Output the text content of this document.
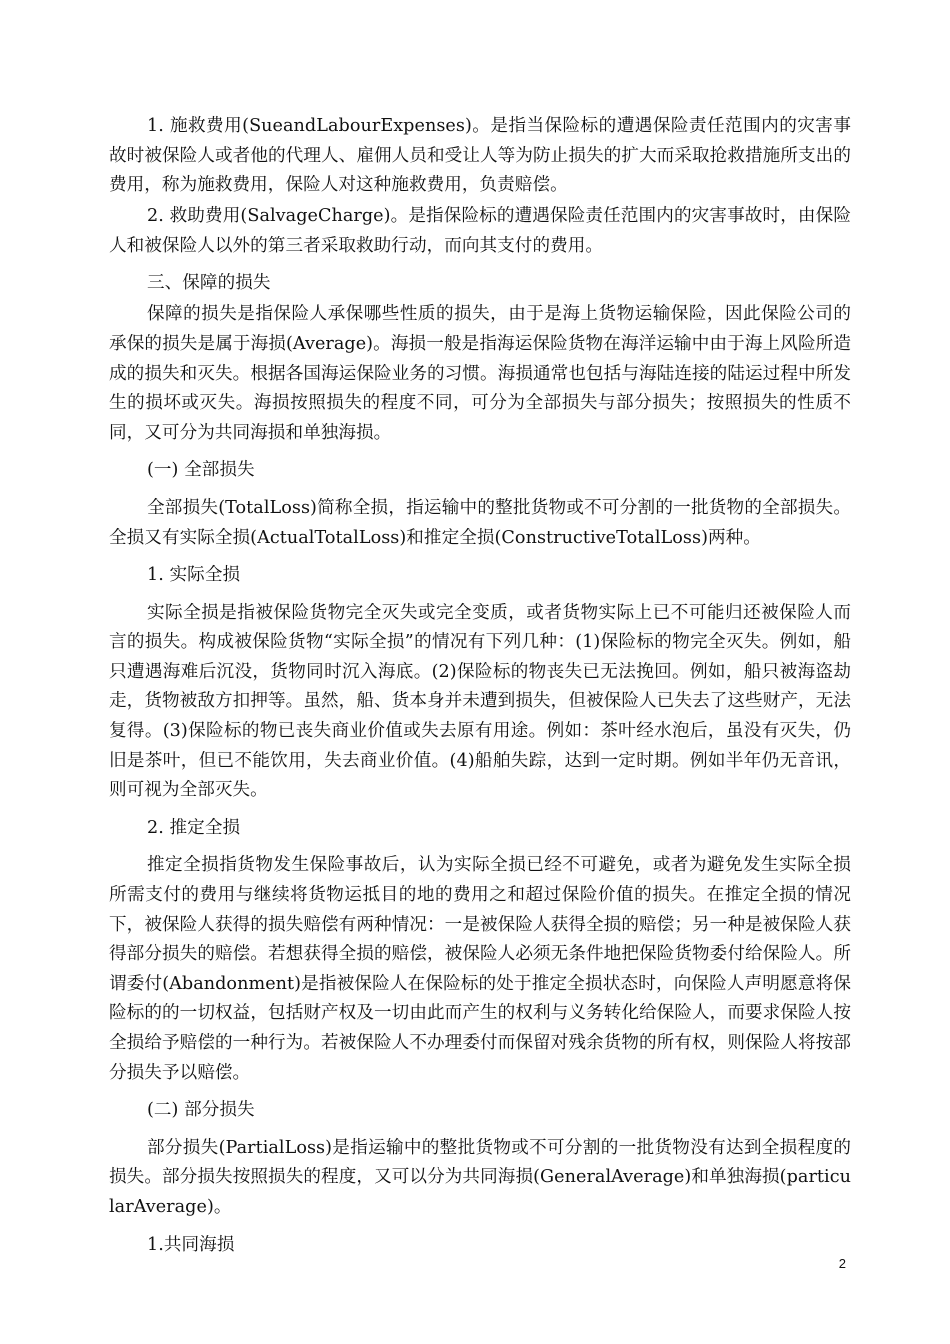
1. 施救费用(SueandLabourExpenses)。是指当保险标的遭遇保险责任范围内的灾害事故时被保险人或者他的代理人、雇佣人员和受让人等为防止损失的扩大而采取抢救措施所支出的费用，称为施救费用，保险人对这种施救费用，负责赔偿。

2. 救助费用(SalvageCharge)。是指保险标的遭遇保险责任范围内的灾害事故时，由保险人和被保险人以外的第三者采取救助行动，而向其支付的费用。

三、保障的损失

保障的损失是指保险人承保哪些性质的损失，由于是海上货物运输保险，因此保险公司的承保的损失是属于海损(Average)。海损一般是指海运保险货物在海洋运输中由于海上风险所造成的损失和灭失。根据各国海运保险业务的习惯。海损通常也包括与海陆连接的陆运过程中所发生的损坏或灭失。海损按照损失的程度不同，可分为全部损失与部分损失；按照损失的性质不同，又可分为共同海损和单独海损。

(一) 全部损失

全部损失(TotalLoss)简称全损，指运输中的整批货物或不可分割的一批货物的全部损失。全损又有实际全损(ActualTotalLoss)和推定全损(ConstructiveTotalLoss)两种。

1. 实际全损

实际全损是指被保险货物完全灭失或完全变质，或者货物实际上已不可能归还被保险人而言的损失。构成被保险货物“实际全损”的情况有下列几种：(1)保险标的物完全灭失。例如，船只遭遇海难后沉没，货物同时沉入海底。(2)保险标的物丧失已无法挽回。例如，船只被海盗劫走，货物被敌方扣押等。虽然，船、货本身并未遭到损失，但被保险人已失去了这些财产，无法复得。(3)保险标的物已丧失商业价值或失去原有用途。例如：茶叶经水泡后，虽没有灭失，仍旧是茶叶，但已不能饮用，失去商业价值。(4)船舶失踪，达到一定时期。例如半年仍无音讯，则可视为全部灭失。

2. 推定全损

推定全损指货物发生保险事故后，认为实际全损已经不可避免，或者为避免发生实际全损所需支付的费用与继续将货物运抵目的地的费用之和超过保险价值的损失。在推定全损的情况下，被保险人获得的损失赔偿有两种情况：一是被保险人获得全损的赔偿；另一种是被保险人获得部分损失的赔偿。若想获得全损的赔偿，被保险人必须无条件地把保险货物委付给保险人。所谓委付(Abandonment)是指被保险人在保险标的处于推定全损状态时，向保险人声明愿意将保险标的的一切权益，包括财产权及一切由此而产生的权利与义务转化给保险人，而要求保险人按全损给予赔偿的一种行为。若被保险人不办理委付而保留对残余货物的所有权，则保险人将按部分损失予以赔偿。

(二) 部分损失

部分损失(PartialLoss)是指运输中的整批货物或不可分割的一批货物没有达到全损程度的损失。部分损失按照损失的程度，又可以分为共同海损(GeneralAverage)和单独海损(particularAverage)。

1.共同海损

2
